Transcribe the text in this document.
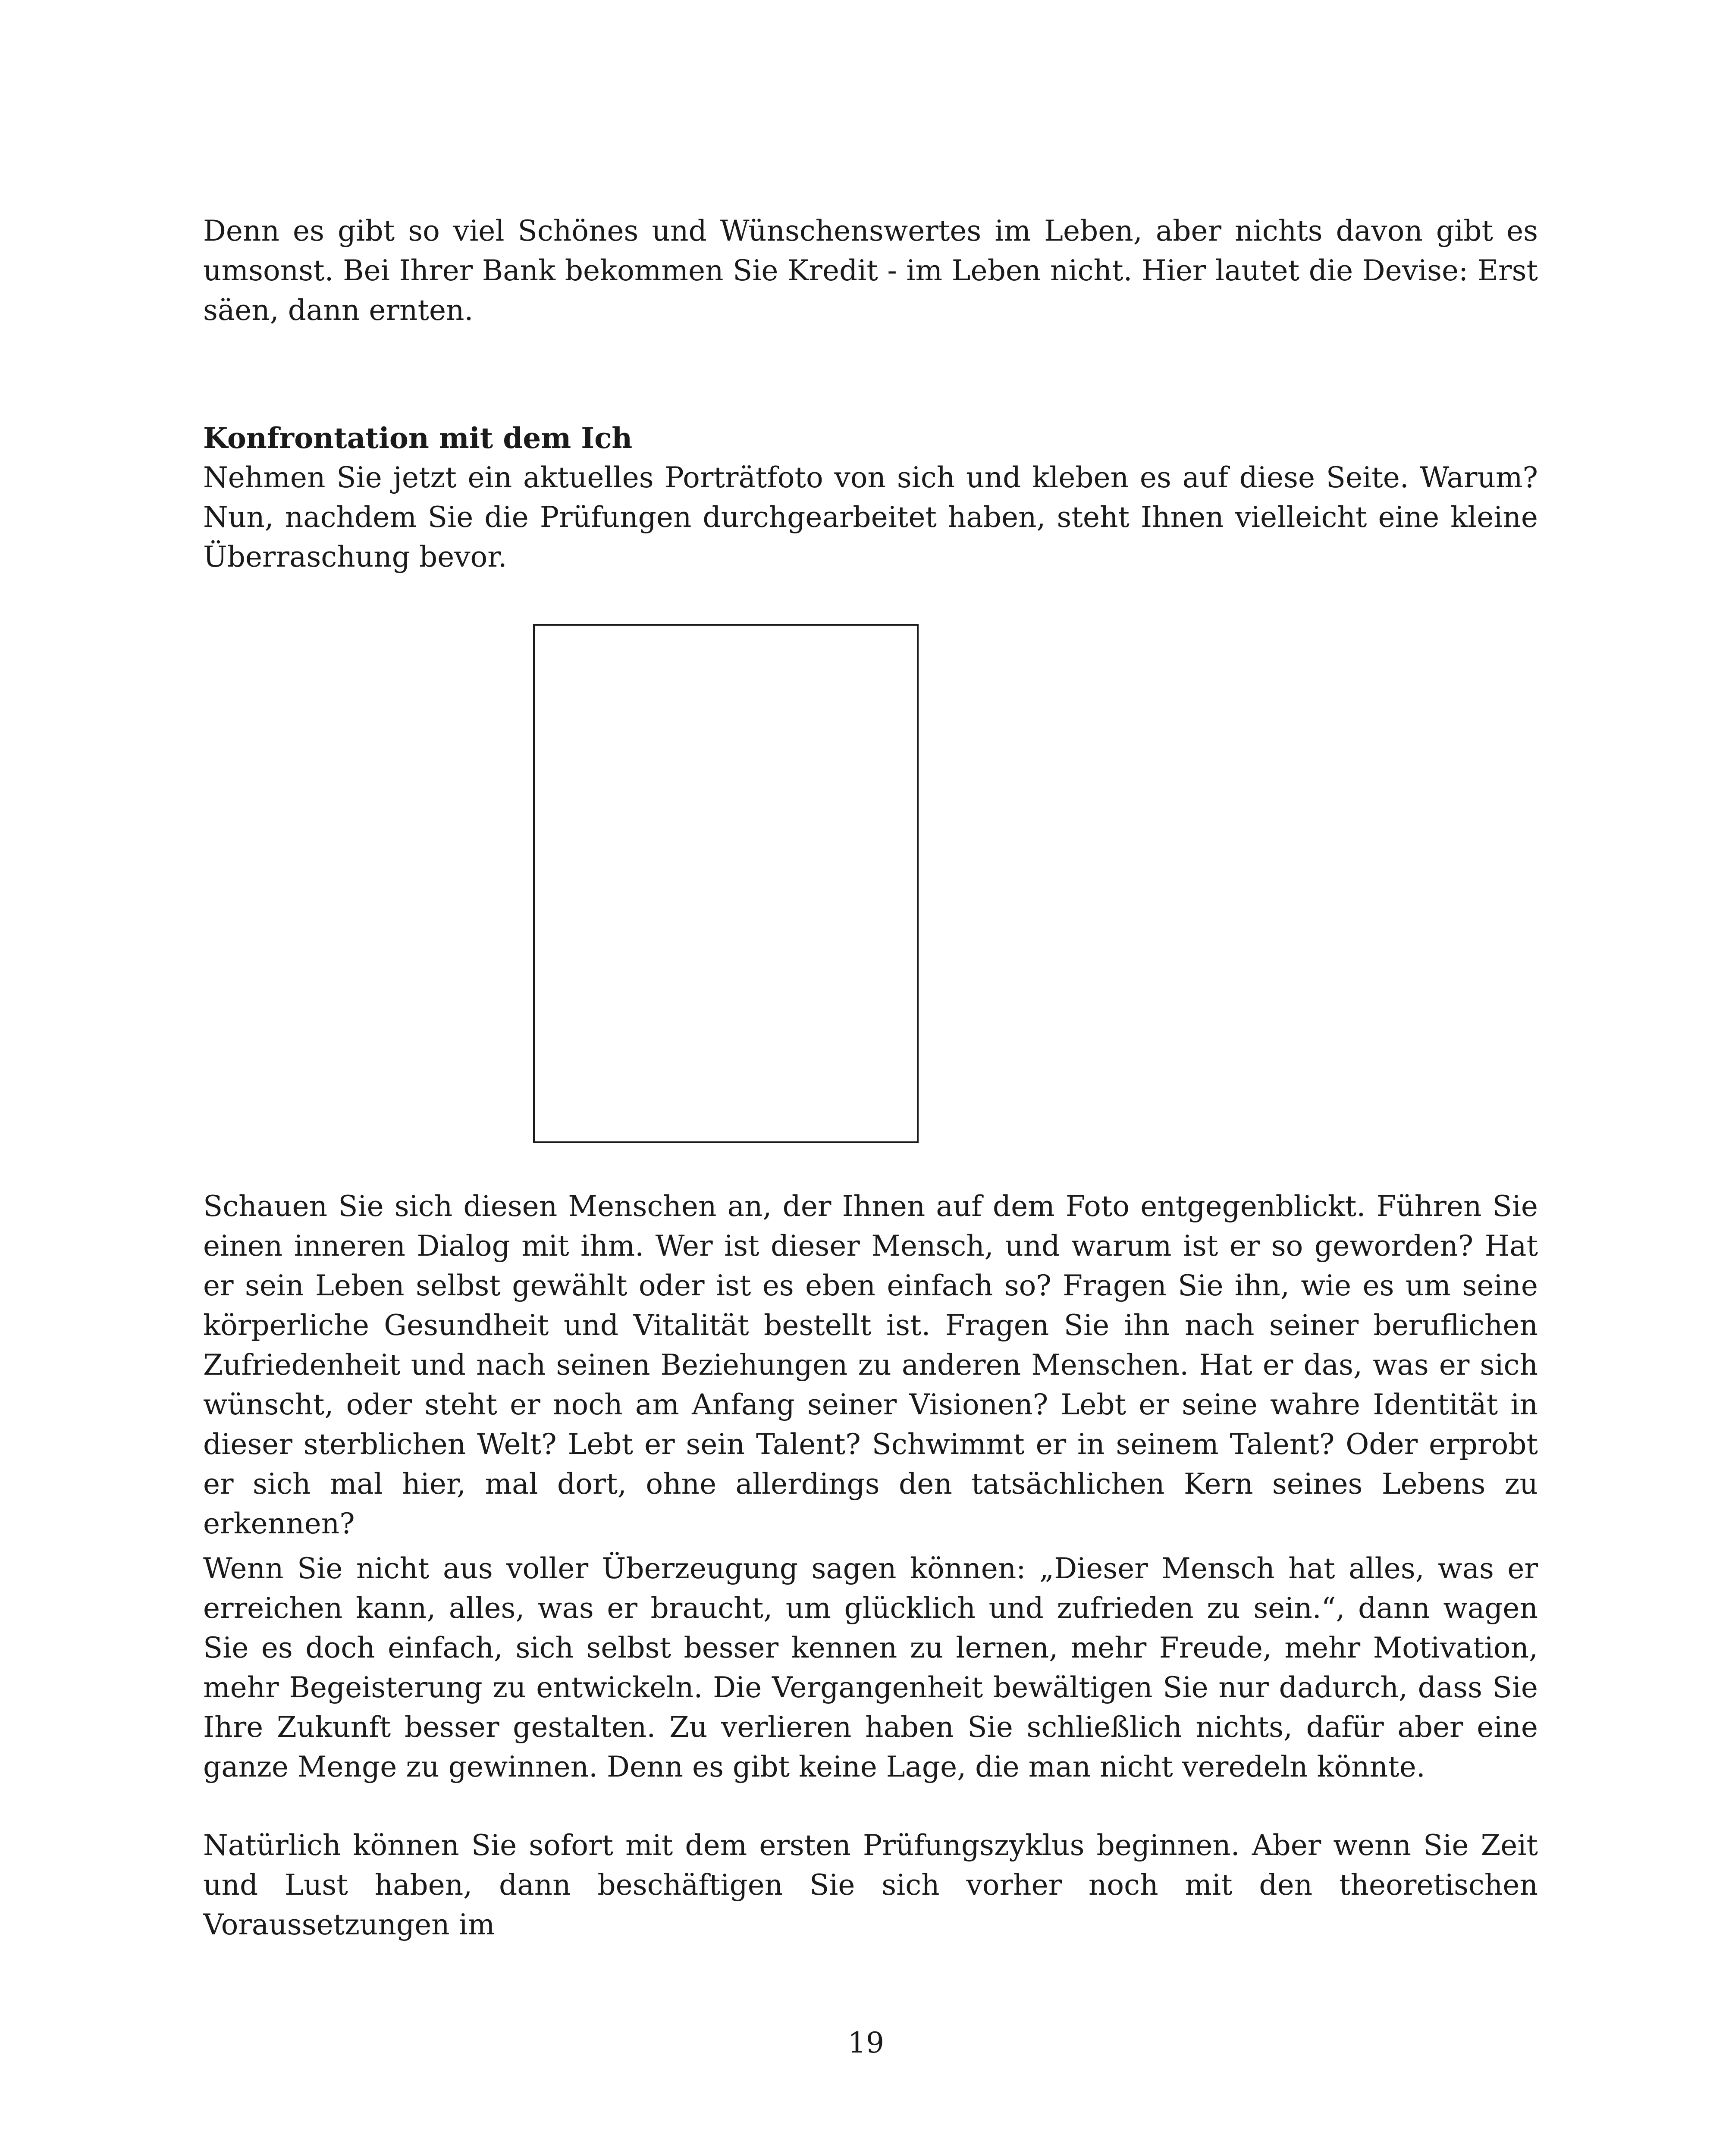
Denn es gibt so viel Schönes und Wünschenswertes im Leben, aber nichts davon gibt es umsonst. Bei Ihrer Bank bekommen Sie Kredit - im Leben nicht. Hier lautet die Devise: Erst säen, dann ernten.

Konfrontation mit dem Ich

Nehmen Sie jetzt ein aktuelles Porträtfoto von sich und kleben es auf diese Seite. Warum? Nun, nachdem Sie die Prüfungen durchgearbeitet haben, steht Ihnen vielleicht eine kleine Überraschung bevor.

Schauen Sie sich diesen Menschen an, der Ihnen auf dem Foto entgegenblickt. Führen Sie einen inneren Dialog mit ihm. Wer ist dieser Mensch, und warum ist er so geworden? Hat er sein Leben selbst gewählt oder ist es eben einfach so? Fragen Sie ihn, wie es um seine körperliche Gesundheit und Vitalität bestellt ist. Fragen Sie ihn nach seiner beruflichen Zufriedenheit und nach seinen Beziehungen zu anderen Menschen. Hat er das, was er sich wünscht, oder steht er noch am Anfang seiner Visionen? Lebt er seine wahre Identität in dieser sterblichen Welt? Lebt er sein Talent? Schwimmt er in seinem Talent? Oder erprobt er sich mal hier, mal dort, ohne allerdings den tatsächlichen Kern seines Lebens zu erkennen?

Wenn Sie nicht aus voller Überzeugung sagen können: „Dieser Mensch hat alles, was er erreichen kann, alles, was er braucht, um glücklich und zufrieden zu sein.“, dann wagen Sie es doch einfach, sich selbst besser kennen zu lernen, mehr Freude, mehr Motivation, mehr Begeisterung zu entwickeln. Die Vergangenheit bewältigen Sie nur dadurch, dass Sie Ihre Zukunft besser gestalten. Zu verlieren haben Sie schließlich nichts, dafür aber eine ganze Menge zu gewinnen. Denn es gibt keine Lage, die man nicht veredeln könnte.

Natürlich können Sie sofort mit dem ersten Prüfungszyklus beginnen. Aber wenn Sie Zeit und Lust haben, dann beschäftigen Sie sich vorher noch mit den theoretischen Voraussetzungen im

19
